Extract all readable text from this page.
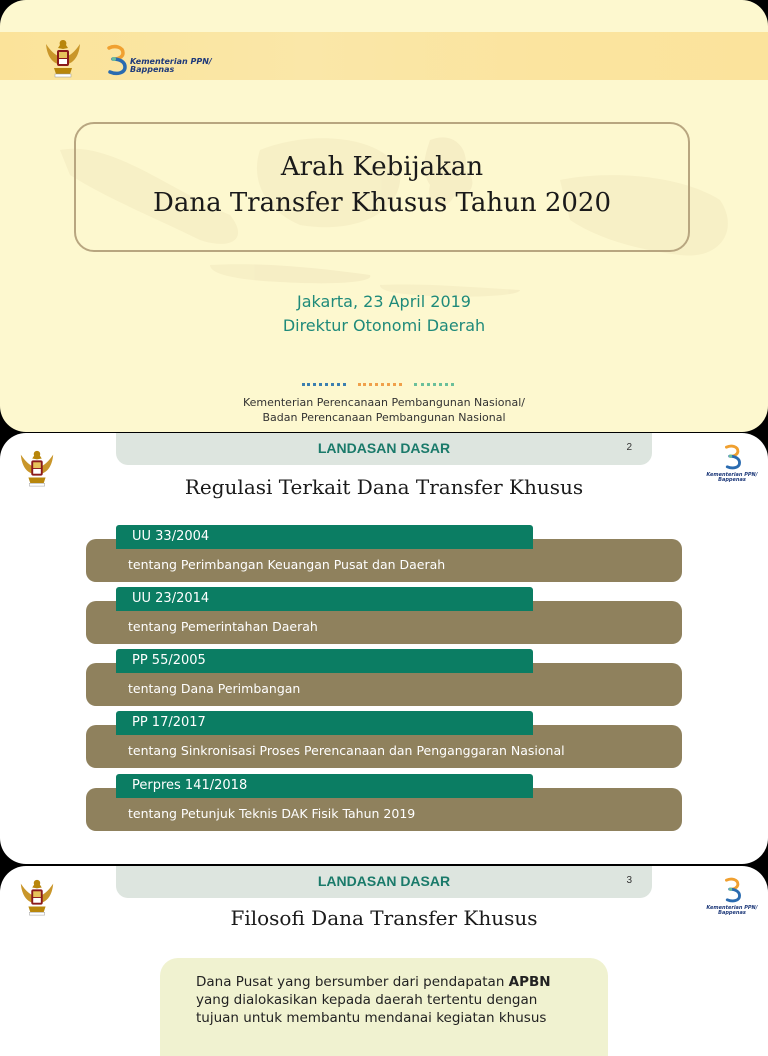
Kementerian PPN/
Bappenas
Arah Kebijakan
Dana Transfer Khusus Tahun 2020
Jakarta, 23 April 2019
Direktur Otonomi Daerah
Kementerian Perencanaan Pembangunan Nasional/
Badan Perencanaan Pembangunan Nasional
LANDASAN DASAR	2
Kementerian PPN/
Bappenas
Regulasi Terkait Dana Transfer Khusus
tentang Perimbangan Keuangan Pusat dan Daerah
UU 33/2004
tentang Pemerintahan Daerah
UU 23/2014
tentang Dana Perimbangan
PP 55/2005
tentang Sinkronisasi Proses Perencanaan dan Penganggaran Nasional
PP 17/2017
tentang Petunjuk Teknis DAK Fisik Tahun 2019
Perpres 141/2018
LANDASAN DASAR	3
Kementerian PPN/
Bappenas
Filosofi Dana Transfer Khusus
Dana Pusat yang bersumber dari pendapatan APBN
yang dialokasikan kepada daerah tertentu dengan
tujuan untuk membantu mendanai kegiatan khusus
